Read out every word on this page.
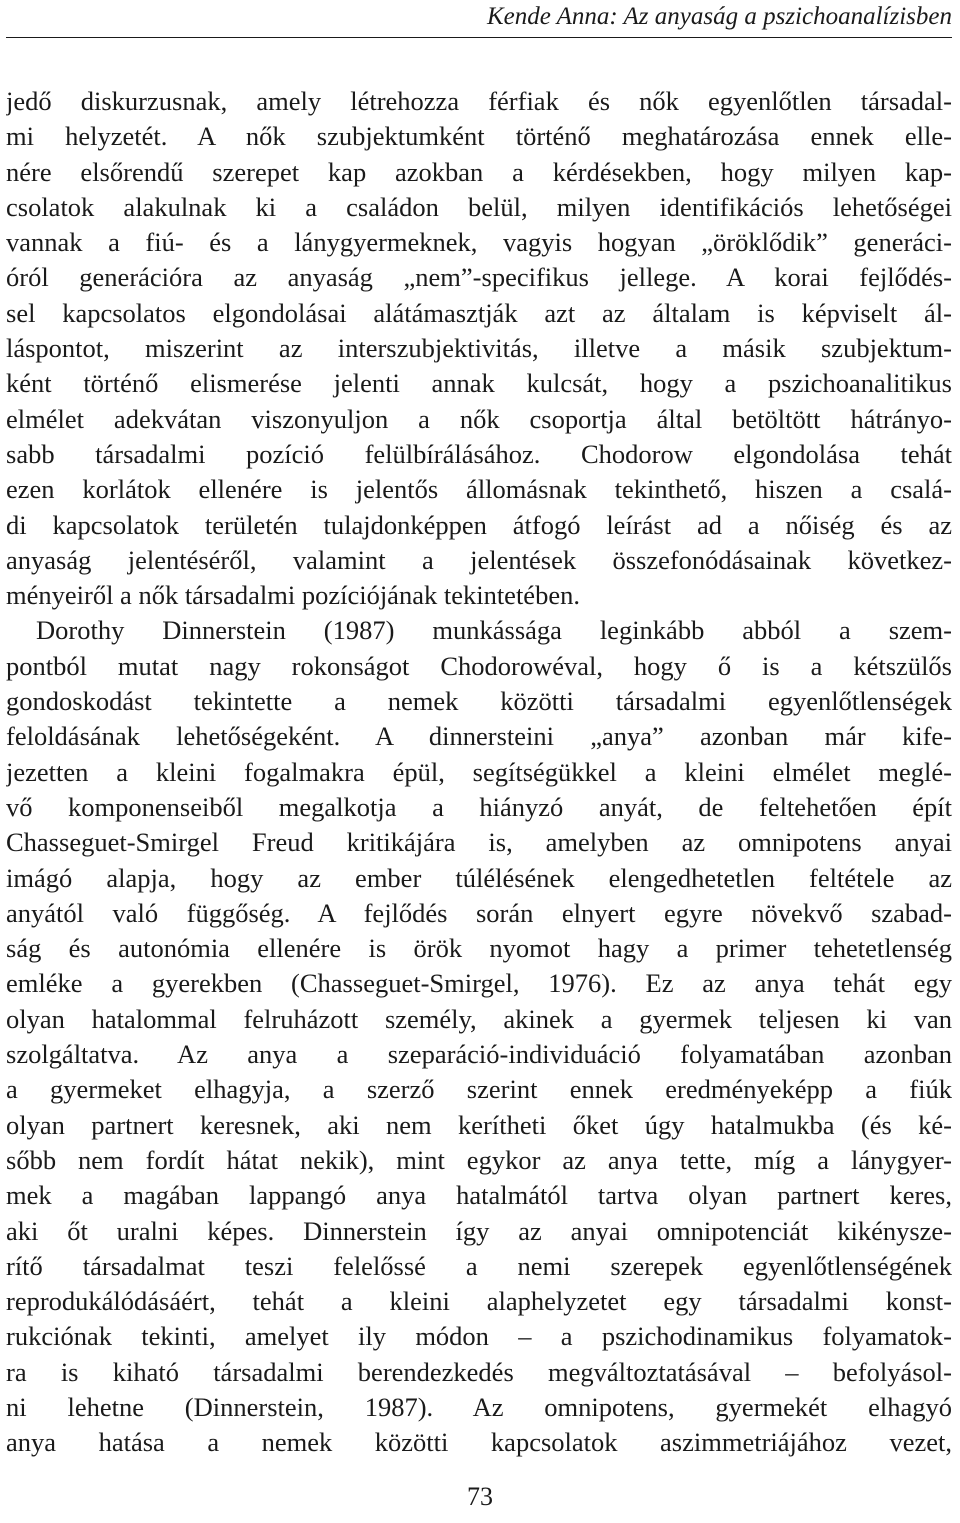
Kende Anna: Az anyaság a pszichoanalízisben
jedő diskurzusnak, amely létrehozza férfiak és nők egyenlőtlen társadal-
mi helyzetét. A nők szubjektumként történő meghatározása ennek elle-
nére elsőrendű szerepet kap azokban a kérdésekben, hogy milyen kap-
csolatok alakulnak ki a családon belül, milyen identifikációs lehetőségei
vannak a fiú- és a lánygyermeknek, vagyis hogyan „öröklődik” generáci-
óról generációra az anyaság „nem”-specifikus jellege. A korai fejlődés-
sel kapcsolatos elgondolásai alátámasztják azt az általam is képviselt ál-
láspontot, miszerint az interszubjektivitás, illetve a másik szubjektum-
ként történő elismerése jelenti annak kulcsát, hogy a pszichoanalitikus
elmélet adekvátan viszonyuljon a nők csoportja által betöltött hátrányo-
sabb társadalmi pozíció felülbírálásához. Chodorow elgondolása tehát
ezen korlátok ellenére is jelentős állomásnak tekinthető, hiszen a csalá-
di kapcsolatok területén tulajdonképpen átfogó leírást ad a nőiség és az
anyaság jelentéséről, valamint a jelentések összefonódásainak következ-
ményeiről a nők társadalmi pozíciójának tekintetében.
Dorothy Dinnerstein (1987) munkássága leginkább abból a szem-
pontból mutat nagy rokonságot Chodorowéval, hogy ő is a kétszülős
gondoskodást tekintette a nemek közötti társadalmi egyenlőtlenségek
feloldásának lehetőségeként. A dinnersteini „anya” azonban már kife-
jezetten a kleini fogalmakra épül, segítségükkel a kleini elmélet meglé-
vő komponenseiből megalkotja a hiányzó anyát, de feltehetően épít
Chasseguet-Smirgel Freud kritikájára is, amelyben az omnipotens anyai
imágó alapja, hogy az ember túlélésének elengedhetetlen feltétele az
anyától való függőség. A fejlődés során elnyert egyre növekvő szabad-
ság és autonómia ellenére is örök nyomot hagy a primer tehetetlenség
emléke a gyerekben (Chasseguet-Smirgel, 1976). Ez az anya tehát egy
olyan hatalommal felruházott személy, akinek a gyermek teljesen ki van
szolgáltatva. Az anya a szeparáció-individuáció folyamatában azonban
a gyermeket elhagyja, a szerző szerint ennek eredményeképp a fiúk
olyan partnert keresnek, aki nem kerítheti őket úgy hatalmukba (és ké-
sőbb nem fordít hátat nekik), mint egykor az anya tette, míg a lánygyer-
mek a magában lappangó anya hatalmától tartva olyan partnert keres,
aki őt uralni képes. Dinnerstein így az anyai omnipotenciát kikénysze-
rítő társadalmat teszi felelőssé a nemi szerepek egyenlőtlenségének
reprodukálódásáért, tehát a kleini alaphelyzetet egy társadalmi konst-
rukciónak tekinti, amelyet ily módon – a pszichodinamikus folyamatok-
ra is kiható társadalmi berendezkedés megváltoztatásával – befolyásol-
ni lehetne (Dinnerstein, 1987). Az omnipotens, gyermekét elhagyó
anya hatása a nemek közötti kapcsolatok aszimmetriájához vezet,
73
